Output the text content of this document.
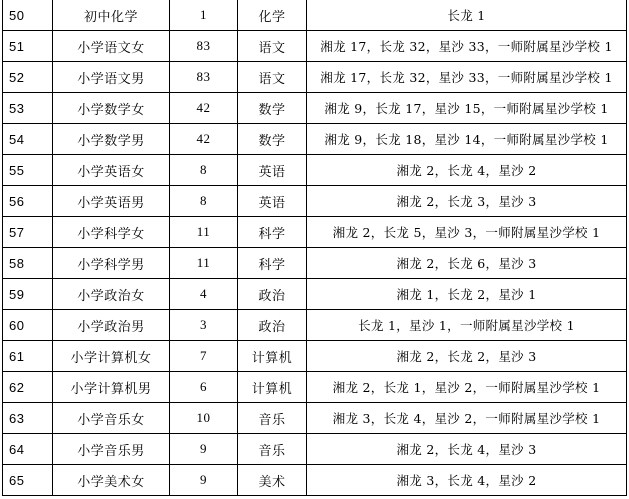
50	初中化学	1	化学	长龙 1
51	小学语文女	83	语文	湘龙 17，长龙 32，星沙 33，一师附属星沙学校 1
52	小学语文男	83	语文	湘龙 17，长龙 32，星沙 33，一师附属星沙学校 1
53	小学数学女	42	数学	湘龙 9，长龙 17，星沙 15，一师附属星沙学校 1
54	小学数学男	42	数学	湘龙 9，长龙 18，星沙 14，一师附属星沙学校 1
55	小学英语女	8	英语	湘龙 2，长龙 4，星沙 2
56	小学英语男	8	英语	湘龙 2，长龙 3，星沙 3
57	小学科学女	11	科学	湘龙 2，长龙 5，星沙 3，一师附属星沙学校 1
58	小学科学男	11	科学	湘龙 2，长龙 6，星沙 3
59	小学政治女	4	政治	湘龙 1，长龙 2，星沙 1
60	小学政治男	3	政治	长龙 1，星沙 1，一师附属星沙学校 1
61	小学计算机女	7	计算机	湘龙 2，长龙 2，星沙 3
62	小学计算机男	6	计算机	湘龙 2，长龙 1，星沙 2，一师附属星沙学校 1
63	小学音乐女	10	音乐	湘龙 3，长龙 4，星沙 2，一师附属星沙学校 1
64	小学音乐男	9	音乐	湘龙 2，长龙 4，星沙 3
65	小学美术女	9	美术	湘龙 3，长龙 4，星沙 2
